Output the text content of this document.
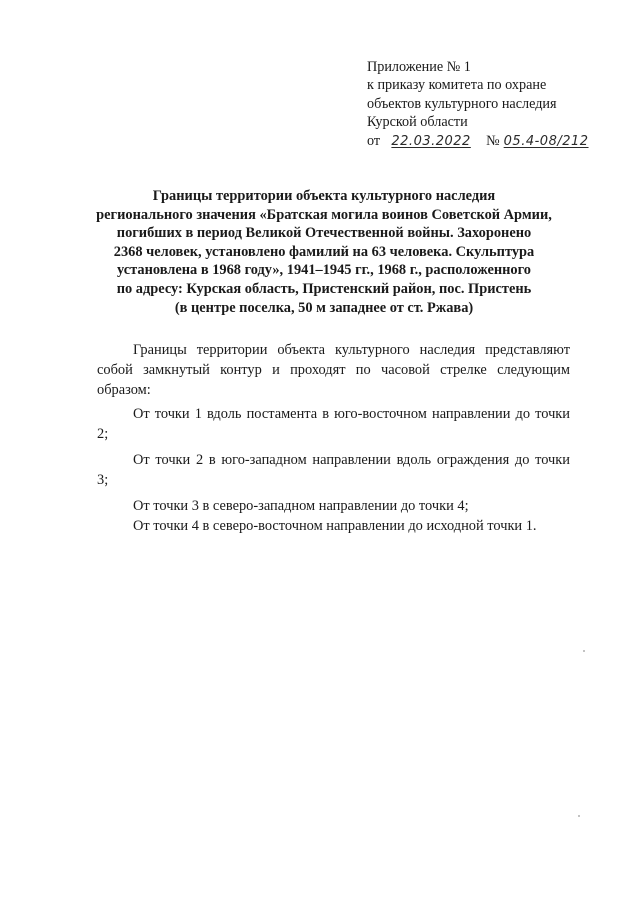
Приложение № 1
к приказу комитета по охране
объектов культурного наследия
Курской области
от 22.03.2022	№ 05.4-08/212
Границы территории объекта культурного наследия
регионального значения «Братская могила воинов Советской Армии,
погибших в период Великой Отечественной войны. Захоронено
2368 человек, установлено фамилий на 63 человека. Скульптура
установлена в 1968 году», 1941–1945 гг., 1968 г., расположенного
по адресу: Курская область, Пристенский район, пос. Пристень
(в центре поселка, 50 м западнее от ст. Ржава)

Границы территории объекта культурного наследия представляют собой замкнутый контур и проходят по часовой стрелке следующим образом:

От точки 1 вдоль постамента в юго-восточном направлении до точки
2;
От точки 2 в юго-западном направлении вдоль ограждения до точки
3;

От точки 3 в северо-западном направлении до точки 4;

От точки 4 в северо-восточном направлении до исходной точки 1.
